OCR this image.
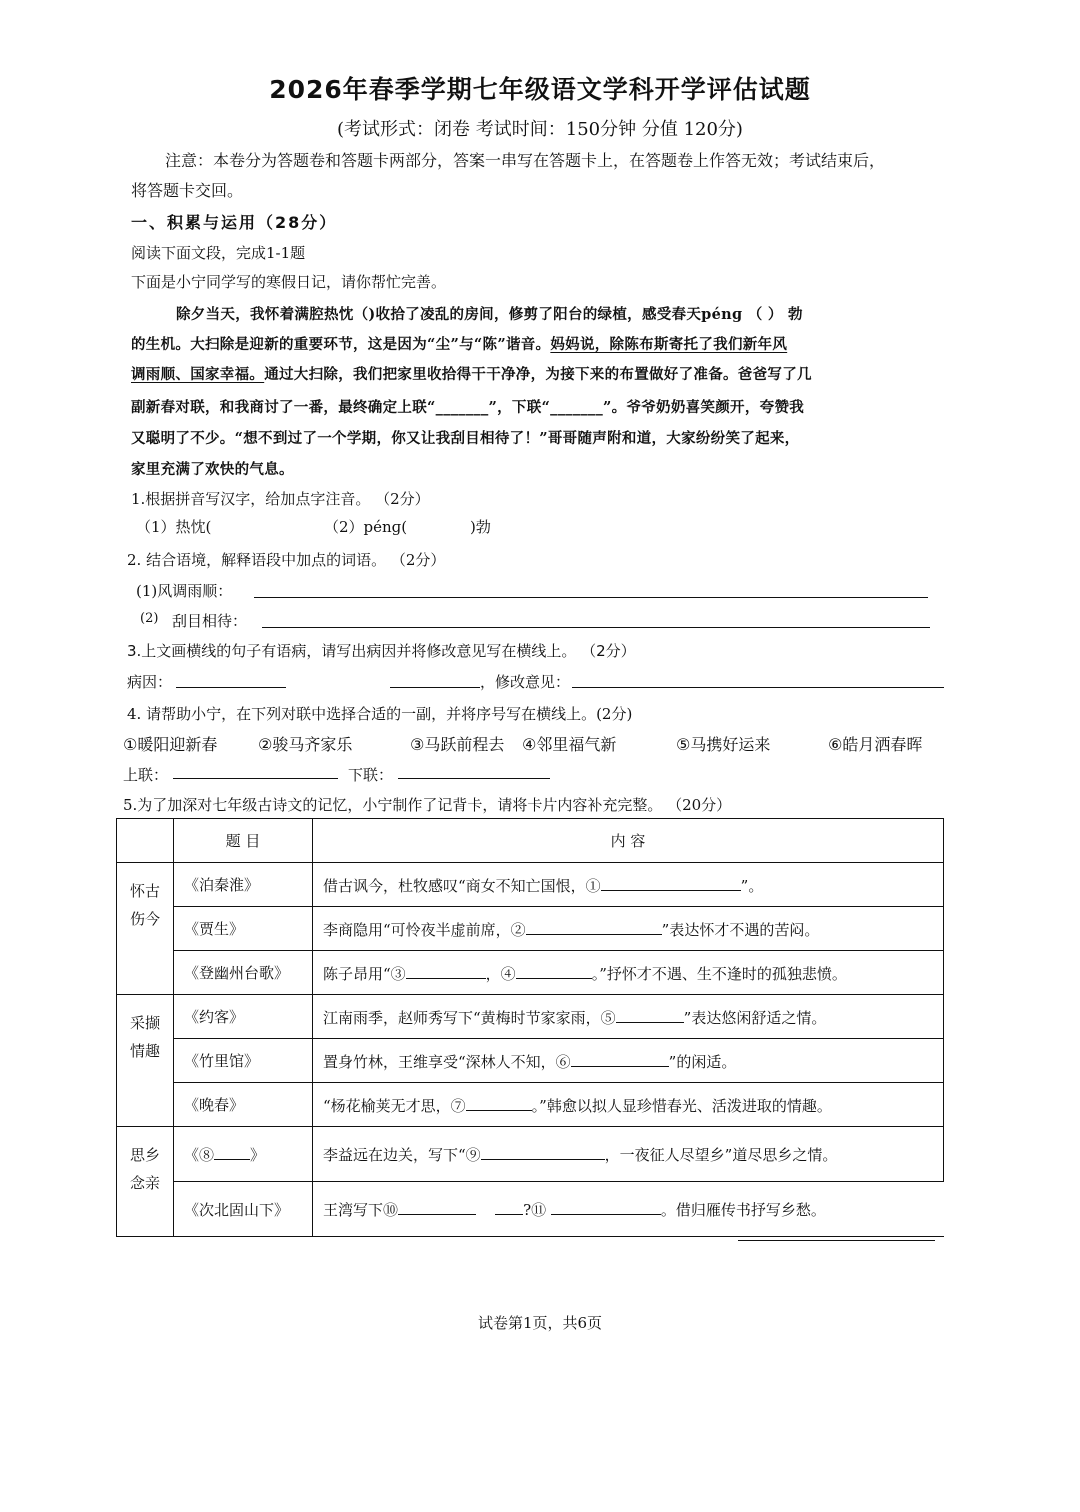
2026年春季学期七年级语文学科开学评估试题
(考试形式：闭卷 考试时间：150分钟 分值 120分)
注意：本卷分为答题卷和答题卡两部分，答案一串写在答题卡上，在答题卷上作答无效；考试结束后，
将答题卡交回。
一、积累与运用（28分）
阅读下面文段，完成1-1题
下面是小宁同学写的寒假日记，请你帮忙完善。
除夕当天，我怀着满腔热忱（)收拾了凌乱的房间，修剪了阳台的绿植，感受春天pénɡ （ ） 勃
的生机。大扫除是迎新的重要环节，这是因为“尘”与“陈”谐音。妈妈说，除陈布斯寄托了我们新年风
调雨顺、国家幸福。通过大扫除，我们把家里收拾得干干净净，为接下来的布置做好了准备。爸爸写了几
副新春对联，和我商讨了一番，最终确定上联“_______”，下联“_______”。爷爷奶奶喜笑颜开，夸赞我
又聪明了不少。“想不到过了一个学期，你又让我刮目相待了！”哥哥随声附和道，大家纷纷笑了起来，
家里充满了欢快的气息。
1.根据拼音写汉字，给加点字注音。 （2分）
（1）热忱(	（2）pénɡ(	)勃
2. 结合语境，解释语段中加点的词语。 （2分）
(1)风调雨顺：
(2) 刮目相待：
3.上文画横线的句子有语病，请写出病因并将修改意见写在横线上。 （2分）
病因：	，修改意见：
4. 请帮助小宁，在下列对联中选择合适的一副，并将序号写在横线上。(2分)
①暖阳迎新春	②骏马齐家乐	③马跃前程去 ④邻里福气新	⑤马携好运来	⑥皓月洒春晖
上联：	下联：
5.为了加深对七年级古诗文的记忆，小宁制作了记背卡，请将卡片内容补充完整。 （20分）
	题 目	内 容
怀古
伤今	《泊秦淮》	借古讽今，杜牧感叹“商女不知亡国恨，① ”。
	《贾生》	李商隐用“可怜夜半虚前席，② ”表达怀才不遇的苦闷。
	《登幽州台歌》	陈子昂用“③ ，④ 。”抒怀才不遇、生不逢时的孤独悲愤。
采撷
情趣	《约客》	江南雨季，赵师秀写下“黄梅时节家家雨，⑤ ”表达悠闲舒适之情。
	《竹里馆》	置身竹林，王维享受“深林人不知，⑥ ”的闲适。
	《晚春》	“杨花榆荚无才思，⑦ 。”韩愈以拟人显珍惜春光、活泼进取的情趣。
思乡
念亲	《⑧ 》	李益远在边关，写下“⑨ ，一夜征人尽望乡”道尽思乡之情。
	《次北固山下》	王湾写下⑩ ?⑪ 。借归雁传书抒写乡愁。
试卷第1页，共6页
